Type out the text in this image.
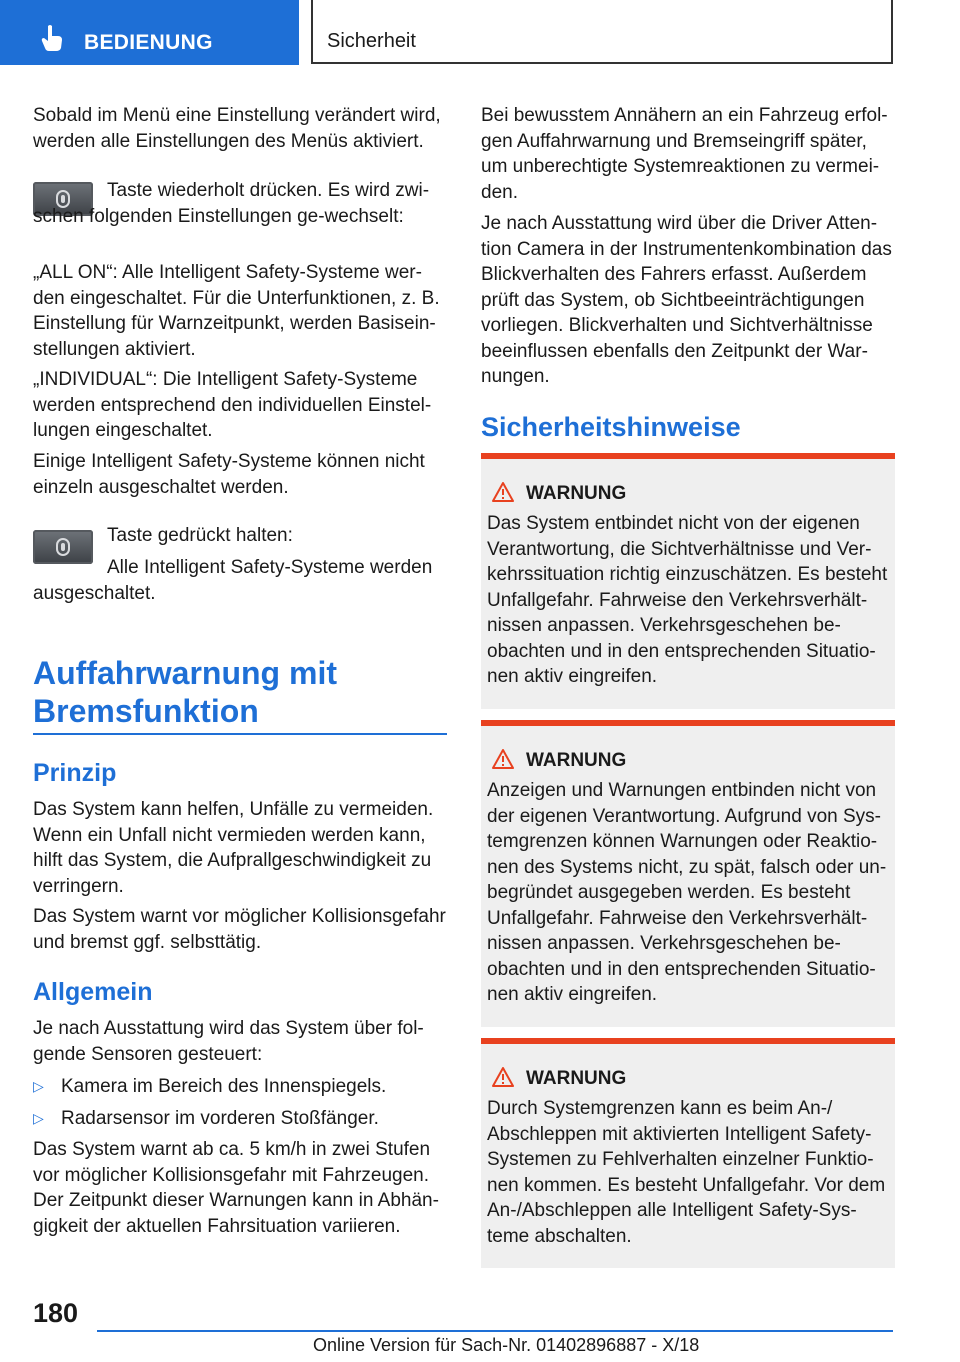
BEDIENUNG	Sicherheit

Sobald im Menü eine Einstellung verändert wird, werden alle Einstellungen des Menüs aktiviert.

Taste wiederholt drücken. Es wird zwi-schen folgenden Einstellungen ge-wechselt:

„ALL ON“: Alle Intelligent Safety-Systeme wer-den eingeschaltet. Für die Unterfunktionen, z. B. Einstellung für Warnzeitpunkt, werden Basisein-stellungen aktiviert.

„INDIVIDUAL“: Die Intelligent Safety-Systeme werden entsprechend den individuellen Einstel-lungen eingeschaltet.

Einige Intelligent Safety-Systeme können nicht einzeln ausgeschaltet werden.

Taste gedrückt halten:

Alle Intelligent Safety-Systeme werden ausgeschaltet.

Auffahrwarnung mit Bremsfunktion
Prinzip

Das System kann helfen, Unfälle zu vermeiden. Wenn ein Unfall nicht vermieden werden kann, hilft das System, die Aufprallgeschwindigkeit zu verringern.

Das System warnt vor möglicher Kollisionsgefahr und bremst ggf. selbsttätig.

Allgemein

Je nach Ausstattung wird das System über fol-gende Sensoren gesteuert:

▷ Kamera im Bereich des Innenspiegels.
▷ Radarsensor im vorderen Stoßfänger.

Das System warnt ab ca. 5 km/h in zwei Stufen vor möglicher Kollisionsgefahr mit Fahrzeugen. Der Zeitpunkt dieser Warnungen kann in Abhän-gigkeit der aktuellen Fahrsituation variieren.

Bei bewusstem Annähern an ein Fahrzeug erfol-gen Auffahrwarnung und Bremseingriff später, um unberechtigte Systemreaktionen zu vermei-den.

Je nach Ausstattung wird über die Driver Atten-tion Camera in der Instrumentenkombination das Blickverhalten des Fahrers erfasst. Außerdem prüft das System, ob Sichtbeeinträchtigungen vorliegen. Blickverhalten und Sichtverhältnisse beeinflussen ebenfalls den Zeitpunkt der War-nungen.

Sicherheitshinweise
WARNUNG

Das System entbindet nicht von der eigenen Verantwortung, die Sichtverhältnisse und Ver-kehrssituation richtig einzuschätzen. Es besteht Unfallgefahr. Fahrweise den Verkehrsverhält-nissen anpassen. Verkehrsgeschehen be-obachten und in den entsprechenden Situatio-nen aktiv eingreifen.

WARNUNG

Anzeigen und Warnungen entbinden nicht von der eigenen Verantwortung. Aufgrund von Sys-temgrenzen können Warnungen oder Reaktio-nen des Systems nicht, zu spät, falsch oder un-begründet ausgegeben werden. Es besteht Unfallgefahr. Fahrweise den Verkehrsverhält-nissen anpassen. Verkehrsgeschehen be-obachten und in den entsprechenden Situatio-nen aktiv eingreifen.

WARNUNG

Durch Systemgrenzen kann es beim An-/ Abschleppen mit aktivierten Intelligent Safety-Systemen zu Fehlverhalten einzelner Funktio-nen kommen. Es besteht Unfallgefahr. Vor dem An-/Abschleppen alle Intelligent Safety-Sys-teme abschalten.

180
Online Version für Sach-Nr. 01402896887 - X/18
